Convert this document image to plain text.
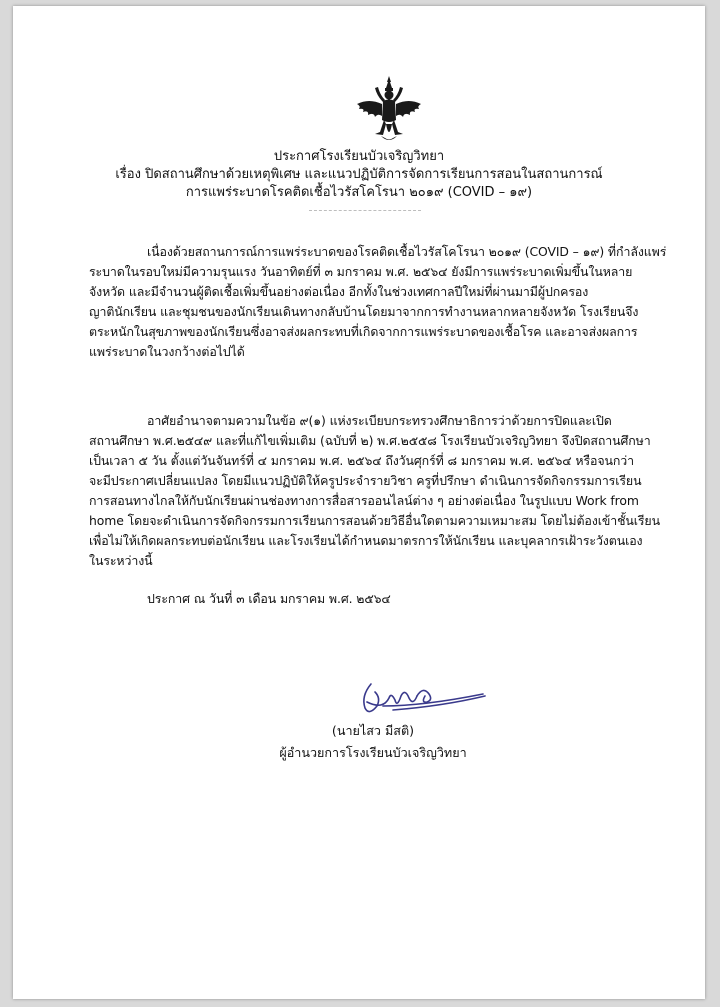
ประกาศโรงเรียนบัวเจริญวิทยา
เรื่อง ปิดสถานศึกษาด้วยเหตุพิเศษ และแนวปฏิบัติการจัดการเรียนการสอนในสถานการณ์
การแพร่ระบาดโรคติดเชื้อไวรัสโคโรนา ๒๐๑๙ (COVID – ๑๙)

เนื่องด้วยสถานการณ์การแพร่ระบาดของโรคติดเชื้อไวรัสโคโรนา ๒๐๑๙ (COVID – ๑๙) ที่กำลังแพร่
ระบาดในรอบใหม่มีความรุนแรง วันอาทิตย์ที่ ๓ มกราคม พ.ศ. ๒๕๖๔ ยังมีการแพร่ระบาดเพิ่มขึ้นในหลาย
จังหวัด และมีจำนวนผู้ติดเชื้อเพิ่มขึ้นอย่างต่อเนื่อง อีกทั้งในช่วงเทศกาลปีใหม่ที่ผ่านมามีผู้ปกครอง
ญาตินักเรียน และชุมชนของนักเรียนเดินทางกลับบ้านโดยมาจากการทำงานหลากหลายจังหวัด โรงเรียนจึง
ตระหนักในสุขภาพของนักเรียนซึ่งอาจส่งผลกระทบที่เกิดจากการแพร่ระบาดของเชื้อโรค และอาจส่งผลการ
แพร่ระบาดในวงกว้างต่อไปได้

อาศัยอำนาจตามความในข้อ ๙(๑) แห่งระเบียบกระทรวงศึกษาธิการว่าด้วยการปิดและเปิด
สถานศึกษา พ.ศ.๒๕๔๙ และที่แก้ไขเพิ่มเติม (ฉบับที่ ๒) พ.ศ.๒๕๕๘ โรงเรียนบัวเจริญวิทยา จึงปิดสถานศึกษา
เป็นเวลา ๕ วัน ตั้งแต่วันจันทร์ที่ ๔ มกราคม พ.ศ. ๒๕๖๔ ถึงวันศุกร์ที่ ๘ มกราคม พ.ศ. ๒๕๖๔ หรือจนกว่า
จะมีประกาศเปลี่ยนแปลง โดยมีแนวปฏิบัติให้ครูประจำรายวิชา ครูที่ปรึกษา ดำเนินการจัดกิจกรรมการเรียน
การสอนทางไกลให้กับนักเรียนผ่านช่องทางการสื่อสารออนไลน์ต่าง ๆ อย่างต่อเนื่อง ในรูปแบบ Work from
home โดยจะดำเนินการจัดกิจกรรมการเรียนการสอนด้วยวิธีอื่นใดตามความเหมาะสม โดยไม่ต้องเข้าชั้นเรียน
เพื่อไม่ให้เกิดผลกระทบต่อนักเรียน และโรงเรียนได้กำหนดมาตรการให้นักเรียน และบุคลากรเฝ้าระวังตนเอง
ในระหว่างนี้

ประกาศ ณ วันที่ ๓ เดือน มกราคม พ.ศ. ๒๕๖๔

(นายไสว มีสติ)
ผู้อำนวยการโรงเรียนบัวเจริญวิทยา
